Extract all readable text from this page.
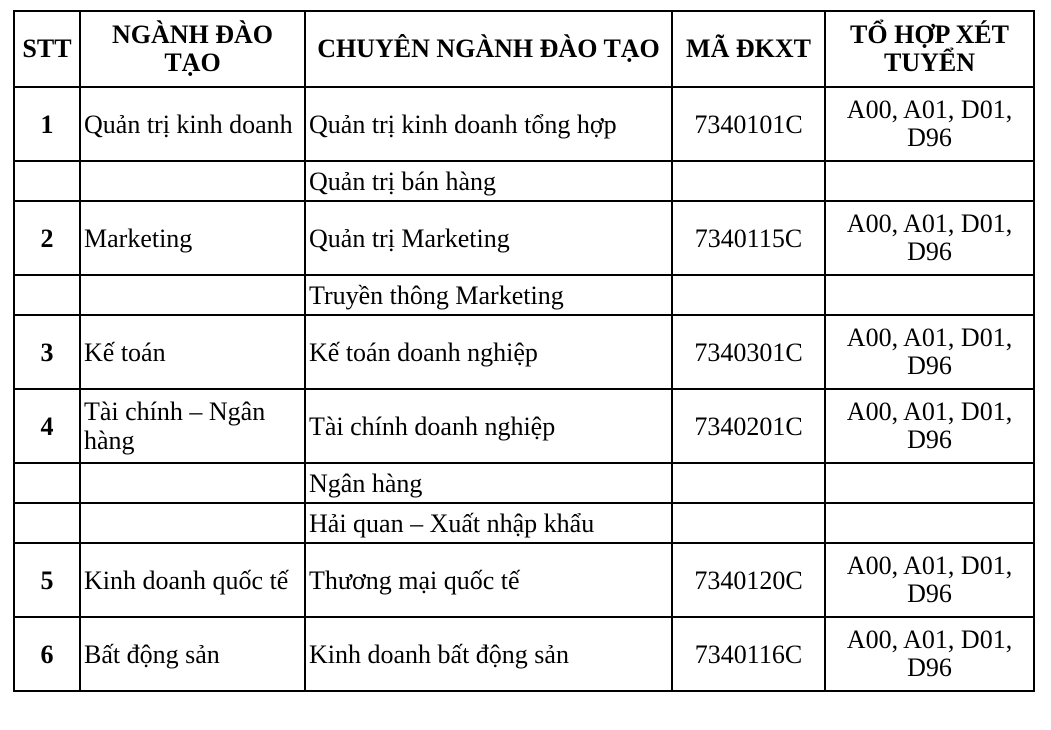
STT	NGÀNH ĐÀO TẠO	CHUYÊN NGÀNH ĐÀO TẠO	MÃ ĐKXT	TỔ HỢP XÉT TUYỂN
1	Quản trị kinh doanh	Quản trị kinh doanh tổng hợp	7340101C	A00, A01, D01, D96
		Quản trị bán hàng		
2	Marketing	Quản trị Marketing	7340115C	A00, A01, D01, D96
		Truyền thông Marketing		
3	Kế toán	Kế toán doanh nghiệp	7340301C	A00, A01, D01, D96
4	Tài chính – Ngân hàng	Tài chính doanh nghiệp	7340201C	A00, A01, D01, D96
		Ngân hàng		
		Hải quan – Xuất nhập khẩu		
5	Kinh doanh quốc tế	Thương mại quốc tế	7340120C	A00, A01, D01, D96
6	Bất động sản	Kinh doanh bất động sản	7340116C	A00, A01, D01, D96
